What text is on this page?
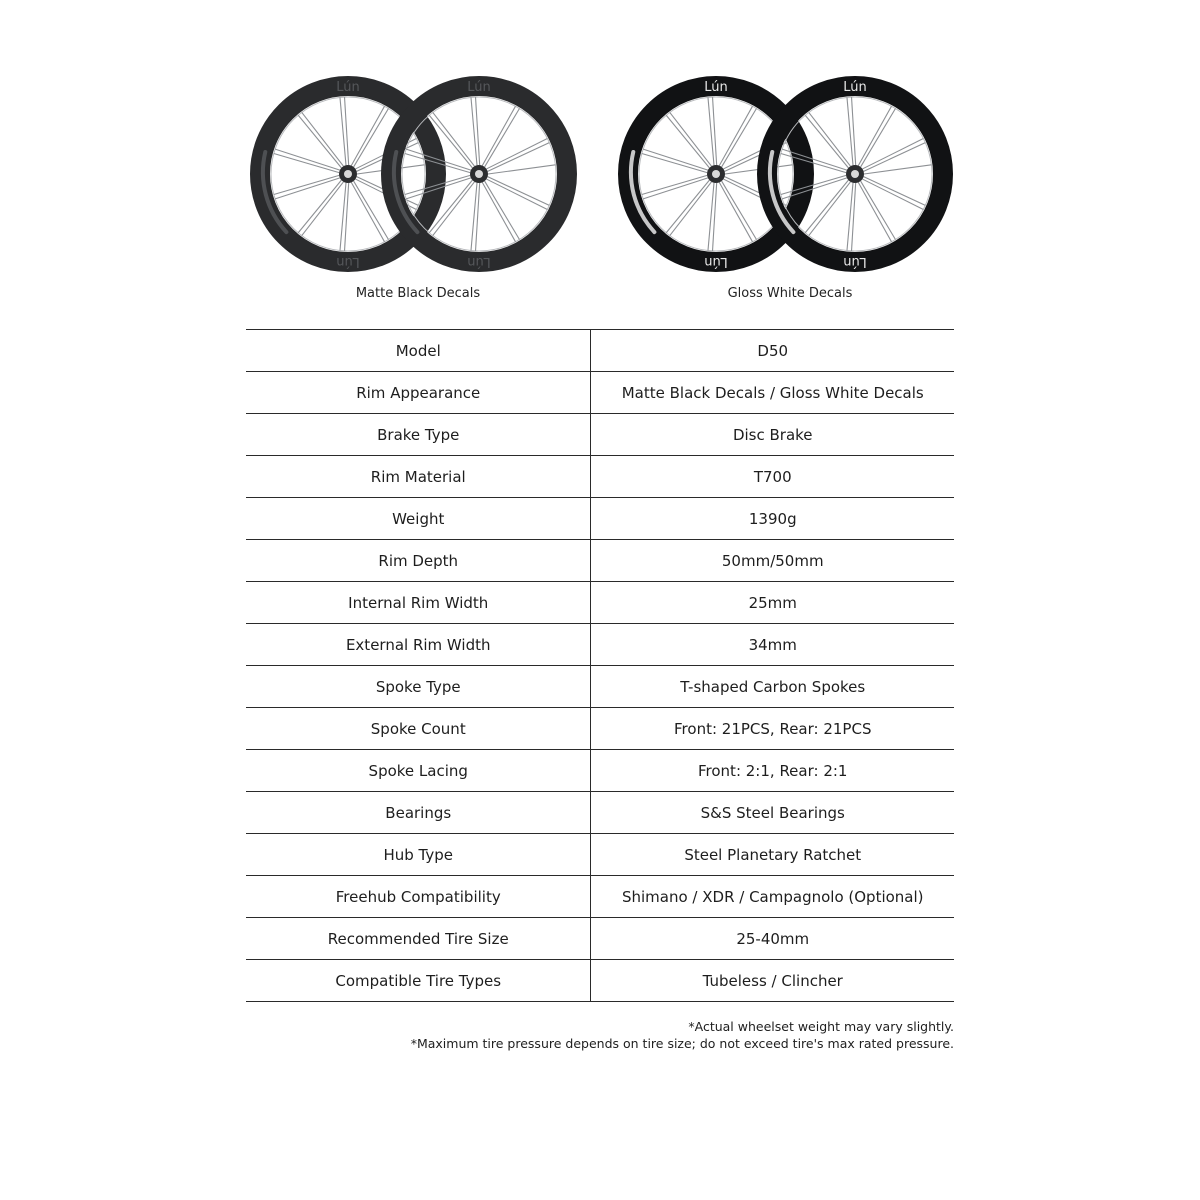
Lún
Lún
Lún
Lún
Lún
Lún
Lún
Lún
Matte Black Decals	Gloss White Decals
Model	D50
Rim Appearance	Matte Black Decals / Gloss White Decals
Brake Type	Disc Brake
Rim Material	T700
Weight	1390g
Rim Depth	50mm/50mm
Internal Rim Width	25mm
External Rim Width	34mm
Spoke Type	T-shaped Carbon Spokes
Spoke Count	Front: 21PCS, Rear: 21PCS
Spoke Lacing	Front: 2:1, Rear: 2:1
Bearings	S&S Steel Bearings
Hub Type	Steel Planetary Ratchet
Freehub Compatibility	Shimano / XDR / Campagnolo (Optional)
Recommended Tire Size	25-40mm
Compatible Tire Types	Tubeless / Clincher
*Actual wheelset weight may vary slightly.
*Maximum tire pressure depends on tire size; do not exceed tire's max rated pressure.
